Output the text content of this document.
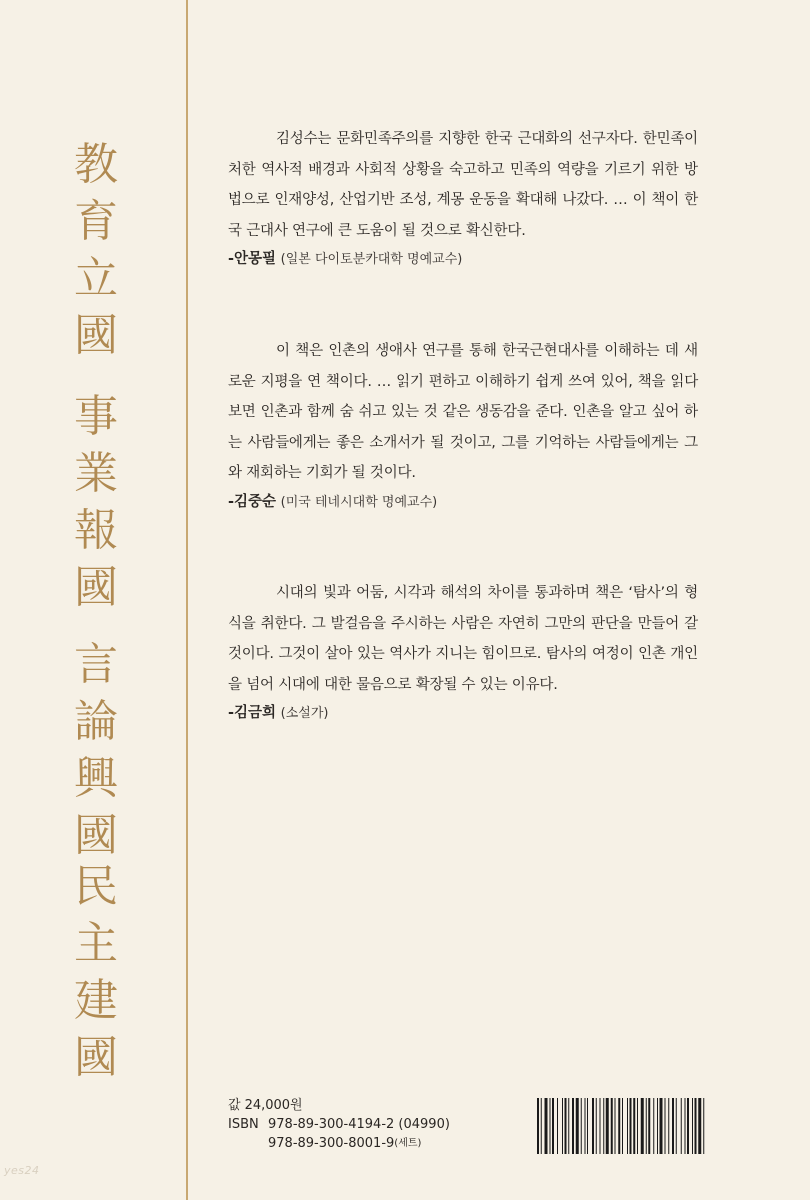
教
育
立
國
事
業
報
國
言
論
興
國
民
主
建
國

김성수는 문화민족주의를 지향한 한국 근대화의 선구자다. 한민족이 처한 역사적 배경과 사회적 상황을 숙고하고 민족의 역량을 기르기 위한 방법으로 인재양성, 산업기반 조성, 계몽 운동을 확대해 나갔다. … 이 책이 한국 근대사 연구에 큰 도움이 될 것으로 확신한다.

-안몽필 (일본 다이토분카대학 명예교수)

이 책은 인촌의 생애사 연구를 통해 한국근현대사를 이해하는 데 새로운 지평을 연 책이다. … 읽기 편하고 이해하기 쉽게 쓰여 있어, 책을 읽다 보면 인촌과 함께 숨 쉬고 있는 것 같은 생동감을 준다. 인촌을 알고 싶어 하는 사람들에게는 좋은 소개서가 될 것이고, 그를 기억하는 사람들에게는 그와 재회하는 기회가 될 것이다.

-김중순 (미국 테네시대학 명예교수)

시대의 빛과 어둠, 시각과 해석의 차이를 통과하며 책은 ‘탐사’의 형식을 취한다. 그 발걸음을 주시하는 사람은 자연히 그만의 판단을 만들어 갈 것이다. 그것이 살아 있는 역사가 지니는 힘이므로. 탐사의 여정이 인촌 개인을 넘어 시대에 대한 물음으로 확장될 수 있는 이유다.

-김금희 (소설가)
값 24,000원
ISBN 978-89-300-4194-2 (04990)
978-89-300-8001-9 (세트)
yes24
